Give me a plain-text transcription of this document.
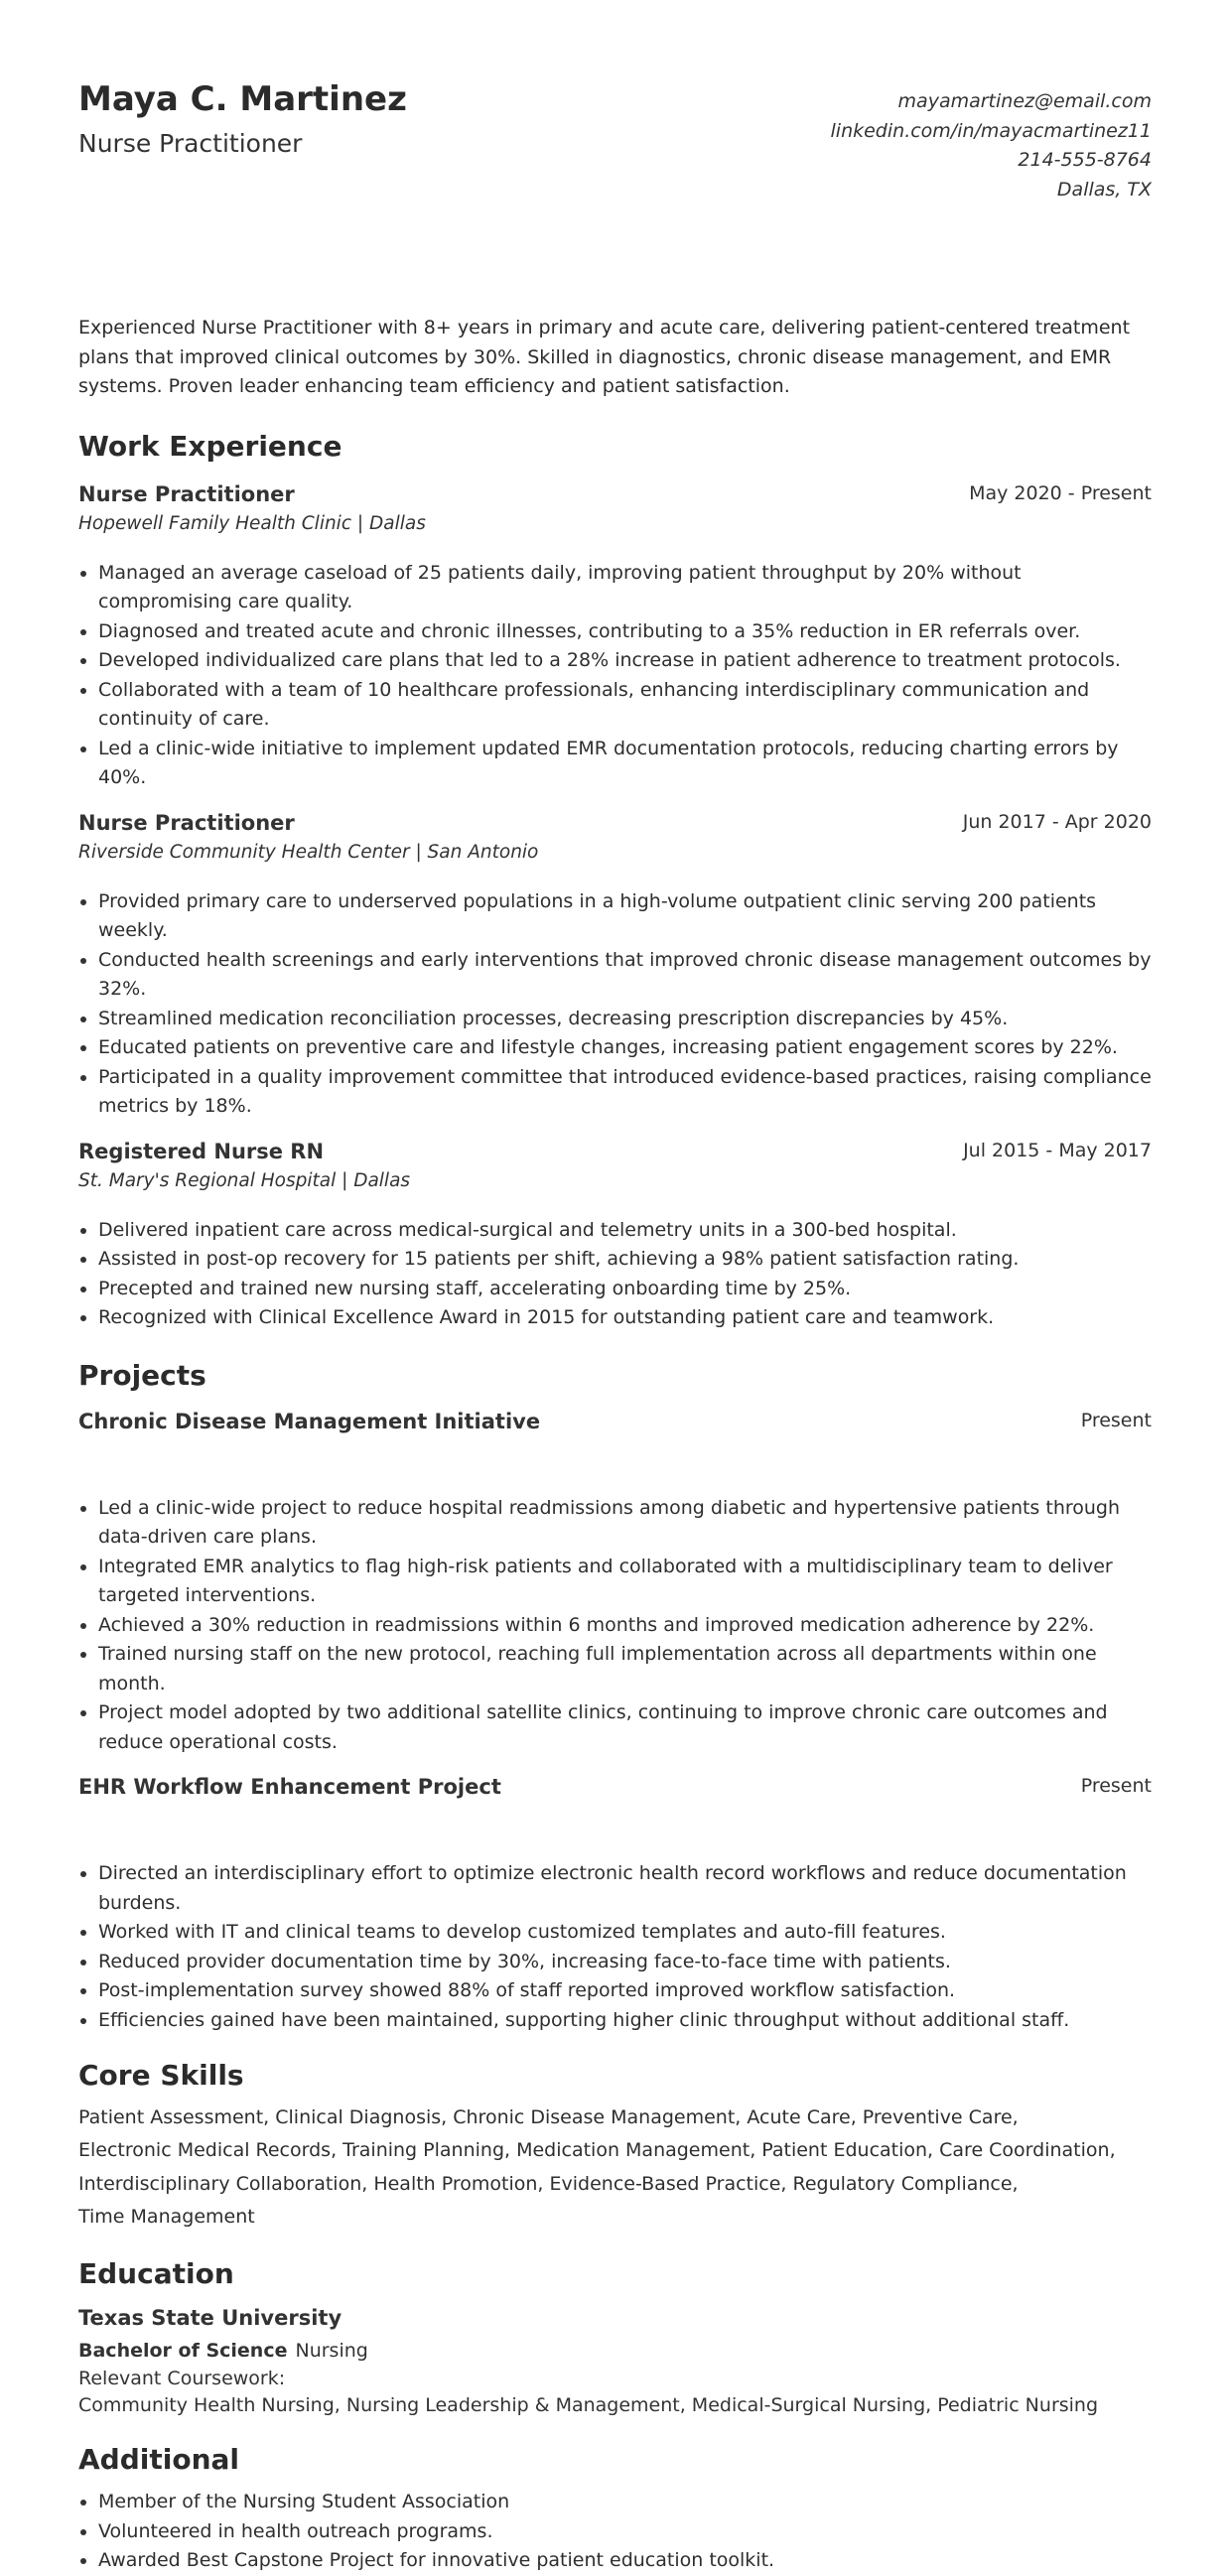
Maya C. Martinez
Nurse Practitioner
mayamartinez@email.com
linkedin.com/in/mayacmartinez11
214-555-8764
Dallas, TX
Experienced Nurse Practitioner with 8+ years in primary and acute care, delivering patient-centered treatment plans that improved clinical outcomes by 30%. Skilled in diagnostics, chronic disease management, and EMR systems. Proven leader enhancing team efficiency and patient satisfaction.
Work Experience
Nurse Practitioner	May 2020 - Present
Hopewell Family Health Clinic | Dallas
Managed an average caseload of 25 patients daily, improving patient throughput by 20% without compromising care quality.
Diagnosed and treated acute and chronic illnesses, contributing to a 35% reduction in ER referrals over.
Developed individualized care plans that led to a 28% increase in patient adherence to treatment protocols.
Collaborated with a team of 10 healthcare professionals, enhancing interdisciplinary communication and continuity of care.
Led a clinic-wide initiative to implement updated EMR documentation protocols, reducing charting errors by 40%.
Nurse Practitioner	Jun 2017 - Apr 2020
Riverside Community Health Center | San Antonio
Provided primary care to underserved populations in a high-volume outpatient clinic serving 200 patients weekly.
Conducted health screenings and early interventions that improved chronic disease management outcomes by 32%.
Streamlined medication reconciliation processes, decreasing prescription discrepancies by 45%.
Educated patients on preventive care and lifestyle changes, increasing patient engagement scores by 22%.
Participated in a quality improvement committee that introduced evidence-based practices, raising compliance metrics by 18%.
Registered Nurse RN	Jul 2015 - May 2017
St. Mary's Regional Hospital | Dallas
Delivered inpatient care across medical-surgical and telemetry units in a 300-bed hospital.
Assisted in post-op recovery for 15 patients per shift, achieving a 98% patient satisfaction rating.
Precepted and trained new nursing staff, accelerating onboarding time by 25%.
Recognized with Clinical Excellence Award in 2015 for outstanding patient care and teamwork.
Projects
Chronic Disease Management Initiative	Present
Led a clinic-wide project to reduce hospital readmissions among diabetic and hypertensive patients through data-driven care plans.
Integrated EMR analytics to flag high-risk patients and collaborated with a multidisciplinary team to deliver targeted interventions.
Achieved a 30% reduction in readmissions within 6 months and improved medication adherence by 22%.
Trained nursing staff on the new protocol, reaching full implementation across all departments within one month.
Project model adopted by two additional satellite clinics, continuing to improve chronic care outcomes and reduce operational costs.
EHR Workflow Enhancement Project	Present
Directed an interdisciplinary effort to optimize electronic health record workflows and reduce documentation burdens.
Worked with IT and clinical teams to develop customized templates and auto-fill features.
Reduced provider documentation time by 30%, increasing face-to-face time with patients.
Post-implementation survey showed 88% of staff reported improved workflow satisfaction.
Efficiencies gained have been maintained, supporting higher clinic throughput without additional staff.
Core Skills
Patient Assessment, Clinical Diagnosis, Chronic Disease Management, Acute Care, Preventive Care,
Electronic Medical Records, Training Planning, Medication Management, Patient Education, Care Coordination,
Interdisciplinary Collaboration, Health Promotion, Evidence-Based Practice, Regulatory Compliance,
Time Management
Education
Texas State University
Bachelor of Science Nursing
Relevant Coursework:
Community Health Nursing, Nursing Leadership & Management, Medical-Surgical Nursing, Pediatric Nursing
Additional
Member of the Nursing Student Association
Volunteered in health outreach programs.
Awarded Best Capstone Project for innovative patient education toolkit.
